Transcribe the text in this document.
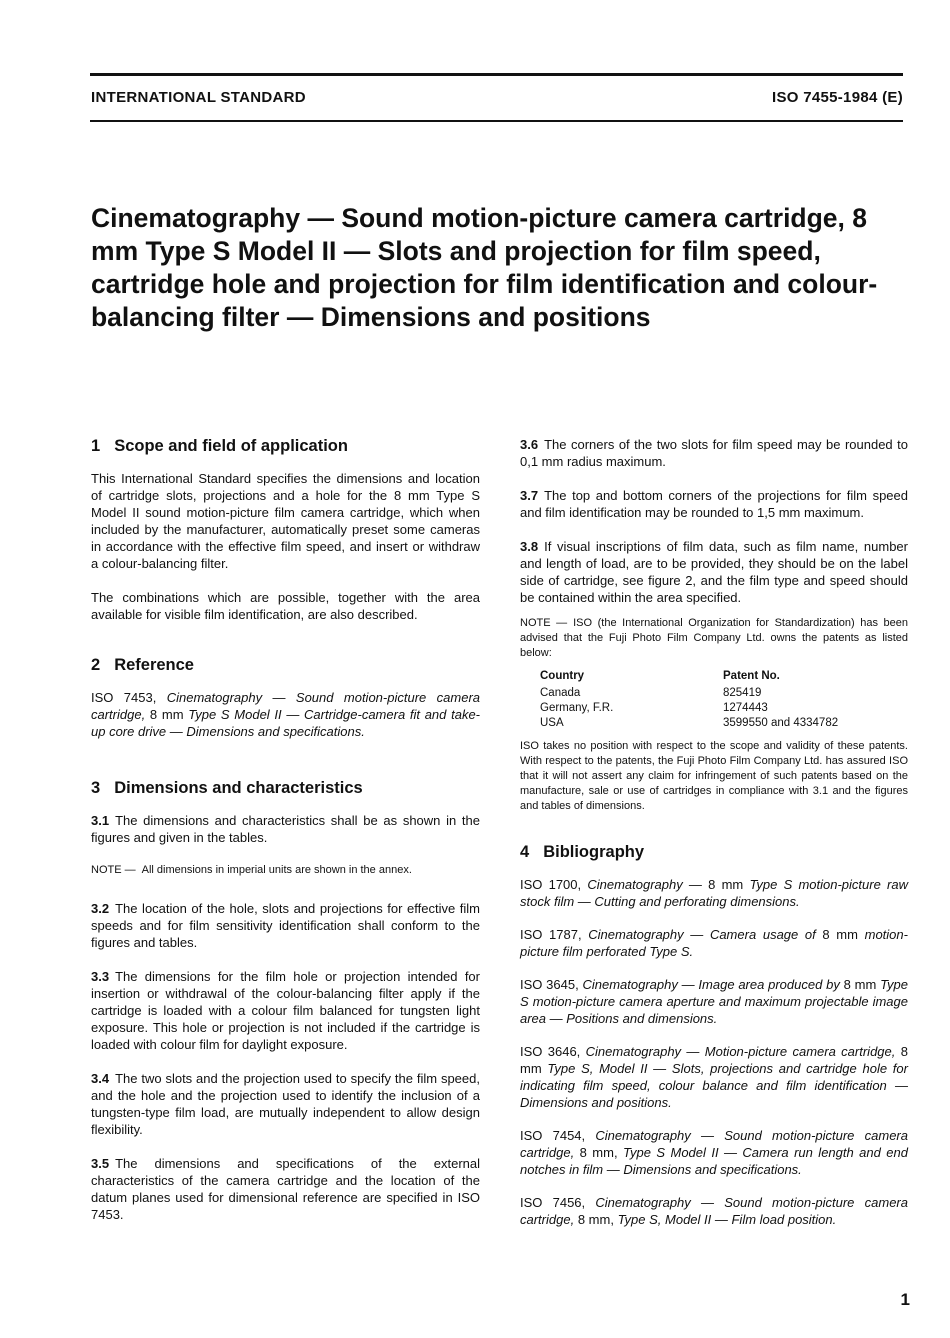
INTERNATIONAL STANDARD	ISO 7455-1984 (E)
Cinematography — Sound motion-picture camera cartridge, 8 mm Type S Model II — Slots and projection for film speed, cartridge hole and projection for film identification and colour-balancing filter — Dimensions and positions
1 Scope and field of application

This International Standard specifies the dimensions and location of cartridge slots, projections and a hole for the 8 mm Type S Model II sound motion-picture film camera cartridge, which when included by the manufacturer, automatically preset some cameras in accordance with the effective film speed, and insert or withdraw a colour-balancing filter.

The combinations which are possible, together with the area available for visible film identification, are also described.

2 Reference

ISO 7453, Cinematography — Sound motion-picture camera cartridge, 8 mm Type S Model II — Cartridge-camera fit and take-up core drive — Dimensions and specifications.

3 Dimensions and characteristics

3.1 The dimensions and characteristics shall be as shown in the figures and given in the tables.

NOTE — All dimensions in imperial units are shown in the annex.

3.2 The location of the hole, slots and projections for effective film speeds and for film sensitivity identification shall conform to the figures and tables.

3.3 The dimensions for the film hole or projection intended for insertion or withdrawal of the colour-balancing filter apply if the cartridge is loaded with a colour film balanced for tungsten light exposure. This hole or projection is not included if the cartridge is loaded with colour film for daylight exposure.

3.4 The two slots and the projection used to specify the film speed, and the hole and the projection used to identify the inclusion of a tungsten-type film load, are mutually independent to allow design flexibility.

3.5 The dimensions and specifications of the external characteristics of the camera cartridge and the location of the datum planes used for dimensional reference are specified in ISO 7453.

3.6 The corners of the two slots for film speed may be rounded to 0,1 mm radius maximum.

3.7 The top and bottom corners of the projections for film speed and film identification may be rounded to 1,5 mm maximum.

3.8 If visual inscriptions of film data, such as film name, number and length of load, are to be provided, they should be on the label side of cartridge, see figure 2, and the film type and speed should be contained within the area specified.

NOTE — ISO (the International Organization for Standardization) has been advised that the Fuji Photo Film Company Ltd. owns the patents as listed below:

Country	Patent No.
Canada	825419
Germany, F.R.	1274443
USA	3599550 and 4334782

ISO takes no position with respect to the scope and validity of these patents. With respect to the patents, the Fuji Photo Film Company Ltd. has assured ISO that it will not assert any claim for infringement of such patents based on the manufacture, sale or use of cartridges in compliance with 3.1 and the figures and tables of dimensions.

4 Bibliography

ISO 1700, Cinematography — 8 mm Type S motion-picture raw stock film — Cutting and perforating dimensions.

ISO 1787, Cinematography — Camera usage of 8 mm motion-picture film perforated Type S.

ISO 3645, Cinematography — Image area produced by 8 mm Type S motion-picture camera aperture and maximum projectable image area — Positions and dimensions.

ISO 3646, Cinematography — Motion-picture camera cartridge, 8 mm Type S, Model II — Slots, projections and cartridge hole for indicating film speed, colour balance and film identification — Dimensions and positions.

ISO 7454, Cinematography — Sound motion-picture camera cartridge, 8 mm, Type S Model II — Camera run length and end notches in film — Dimensions and specifications.

ISO 7456, Cinematography — Sound motion-picture camera cartridge, 8 mm, Type S, Model II — Film load position.

1
